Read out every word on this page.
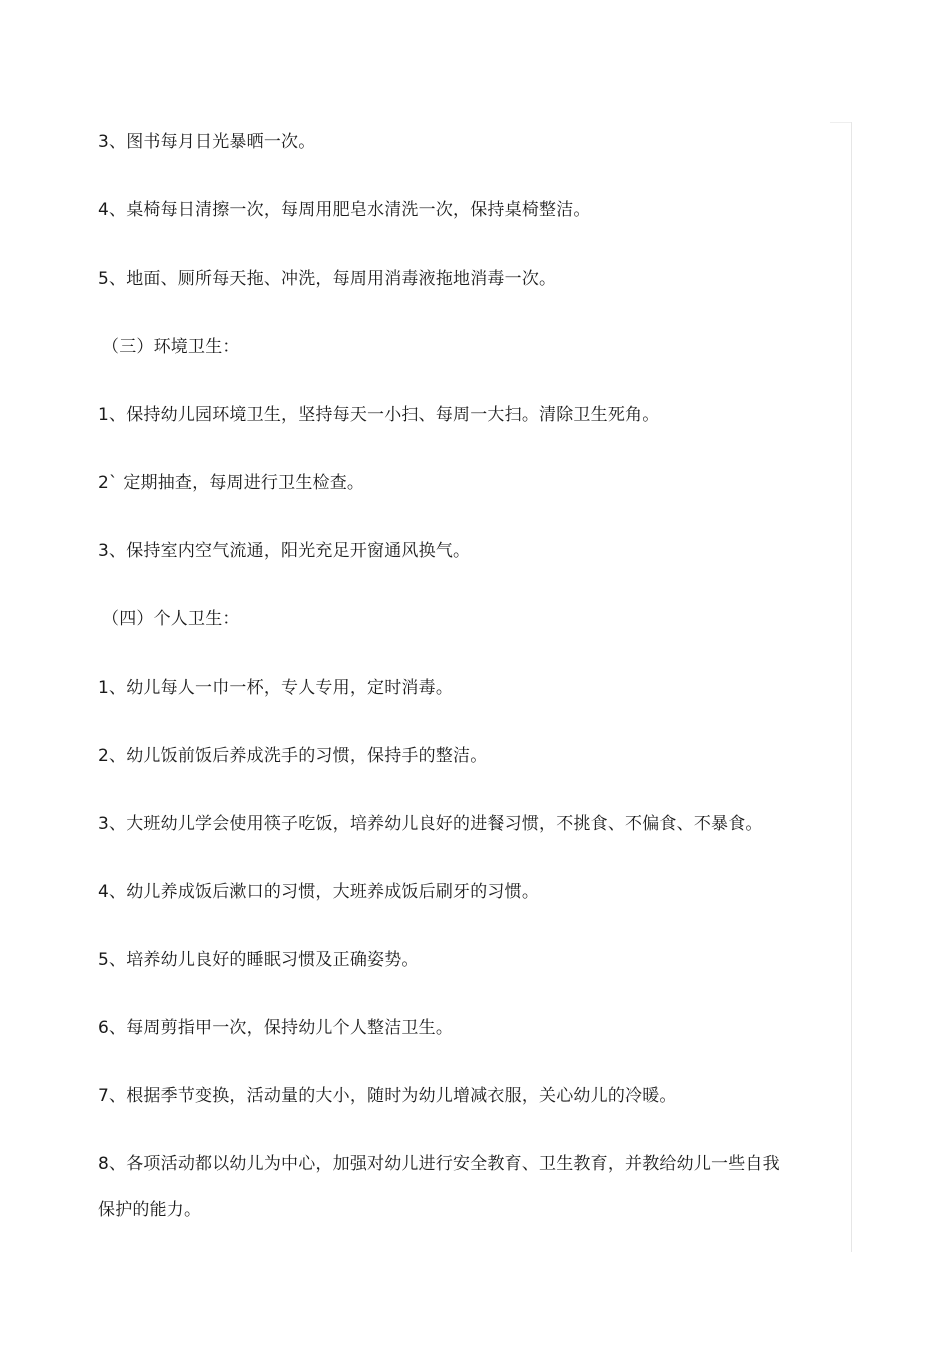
3、图书每月日光暴晒一次。
4、桌椅每日清擦一次，每周用肥皂水清洗一次，保持桌椅整洁。
5、地面、厕所每天拖、冲洗，每周用消毒液拖地消毒一次。
（三）环境卫生：
1、保持幼儿园环境卫生，坚持每天一小扫、每周一大扫。清除卫生死角。
2` 定期抽查，每周进行卫生检查。
3、保持室内空气流通，阳光充足开窗通风换气。
（四）个人卫生：
1、幼儿每人一巾一杯，专人专用，定时消毒。
2、幼儿饭前饭后养成洗手的习惯，保持手的整洁。
3、大班幼儿学会使用筷子吃饭，培养幼儿良好的进餐习惯，不挑食、不偏食、不暴食。
4、幼儿养成饭后漱口的习惯，大班养成饭后刷牙的习惯。
5、培养幼儿良好的睡眠习惯及正确姿势。
6、每周剪指甲一次，保持幼儿个人整洁卫生。
7、根据季节变换，活动量的大小，随时为幼儿增减衣服，关心幼儿的冷暖。
8、各项活动都以幼儿为中心，加强对幼儿进行安全教育、卫生教育，并教给幼儿一些自我
保护的能力。
